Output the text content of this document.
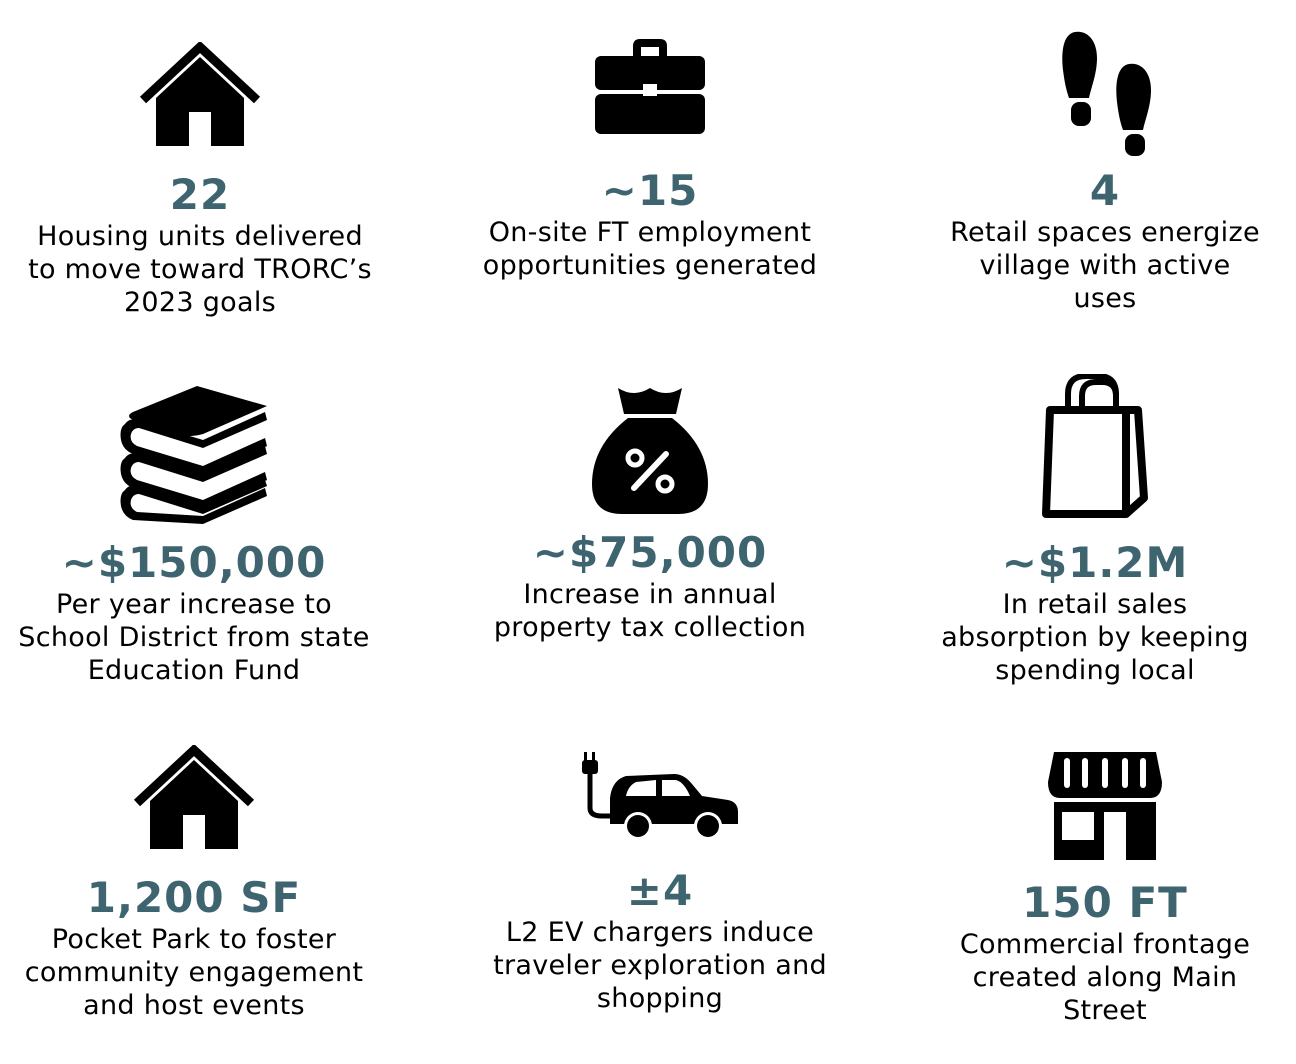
22
Housing units delivered
to move toward TRORC’s
2023 goals
~15
On-site FT employment
opportunities generated
4
Retail spaces energize
village with active
uses
~$150,000
Per year increase to
School District from state
Education Fund
~$75,000
Increase in annual
property tax collection
~$1.2M
In retail sales
absorption by keeping
spending local
1,200 SF
Pocket Park to foster
community engagement
and host events
±4
L2 EV chargers induce
traveler exploration and
shopping
150 FT
Commercial frontage
created along Main
Street
